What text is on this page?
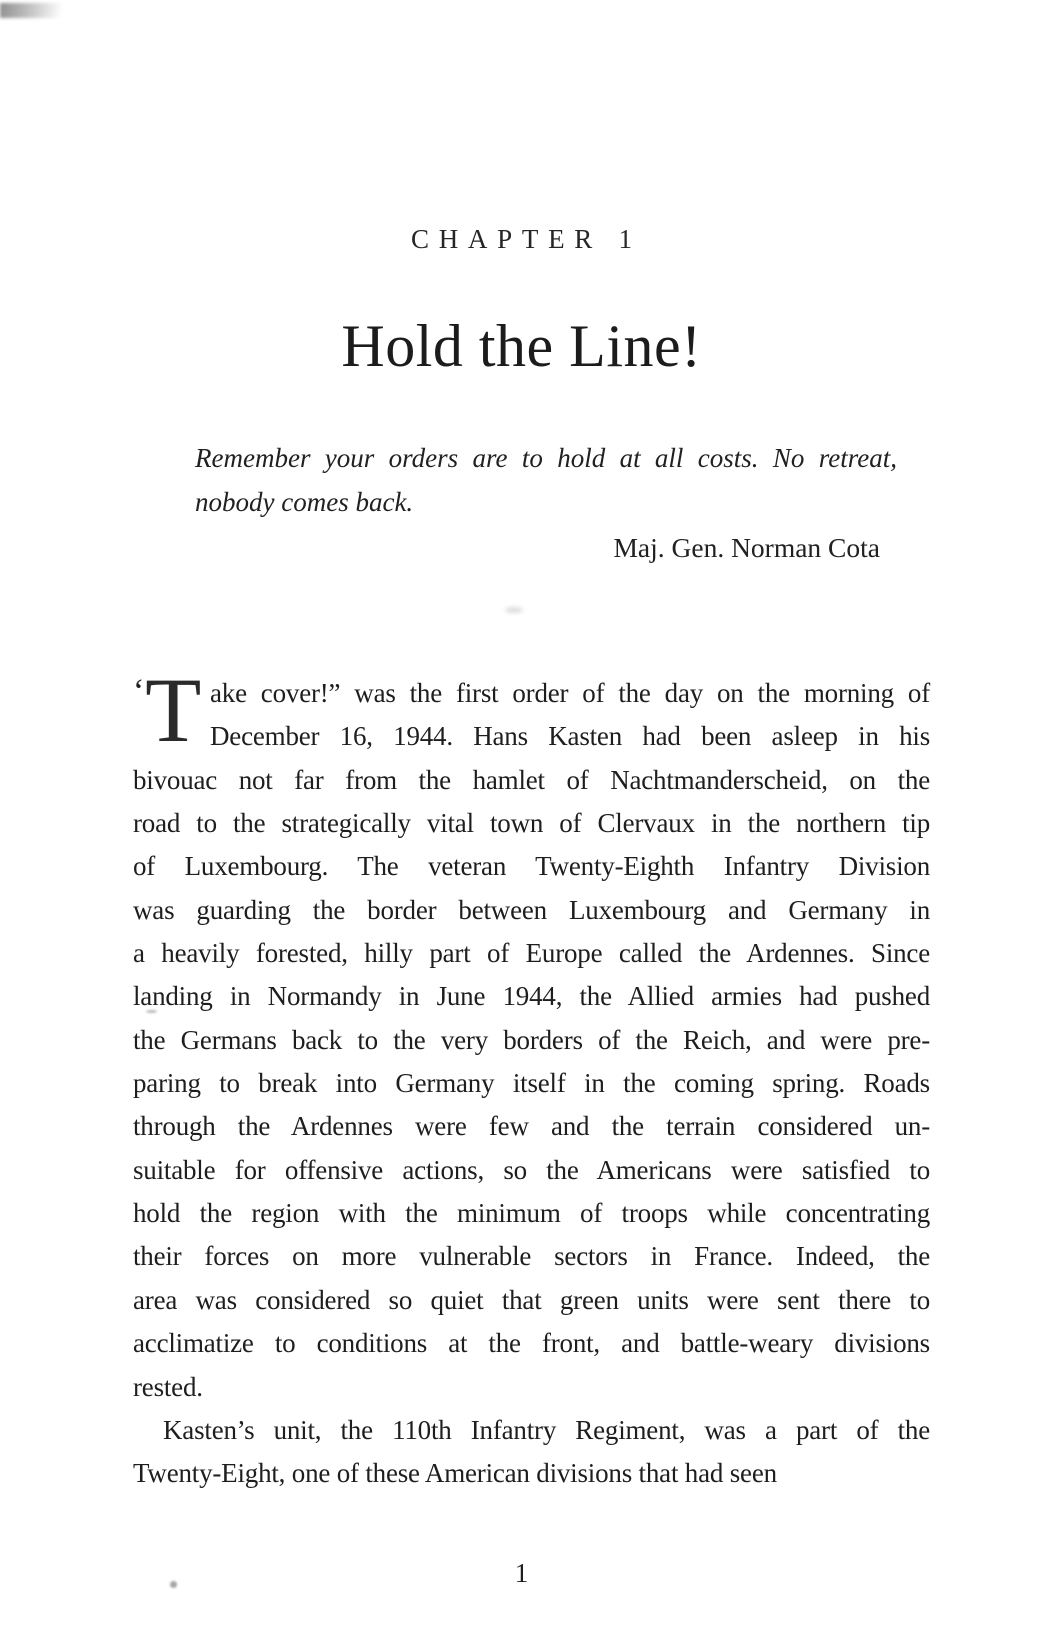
CHAPTER 1
Hold the Line!
Remember your orders are to hold at all costs. No retreat,
nobody comes back.
Maj. Gen. Norman Cota
‘T ake cover!” was the first order of the day on the morning of
December 16, 1944. Hans Kasten had been asleep in his
bivouac not far from the hamlet of Nachtmanderscheid, on the
road to the strategically vital town of Clervaux in the northern tip
of Luxembourg. The veteran Twenty-Eighth Infantry Division
was guarding the border between Luxembourg and Germany in
a heavily forested, hilly part of Europe called the Ardennes. Since
landing in Normandy in June 1944, the Allied armies had pushed
the Germans back to the very borders of the Reich, and were pre-
paring to break into Germany itself in the coming spring. Roads
through the Ardennes were few and the terrain considered un-
suitable for offensive actions, so the Americans were satisfied to
hold the region with the minimum of troops while concentrating
their forces on more vulnerable sectors in France. Indeed, the
area was considered so quiet that green units were sent there to
acclimatize to conditions at the front, and battle-weary divisions
rested.
Kasten’s unit, the 110th Infantry Regiment, was a part of the
Twenty-Eight, one of these American divisions that had seen
1
